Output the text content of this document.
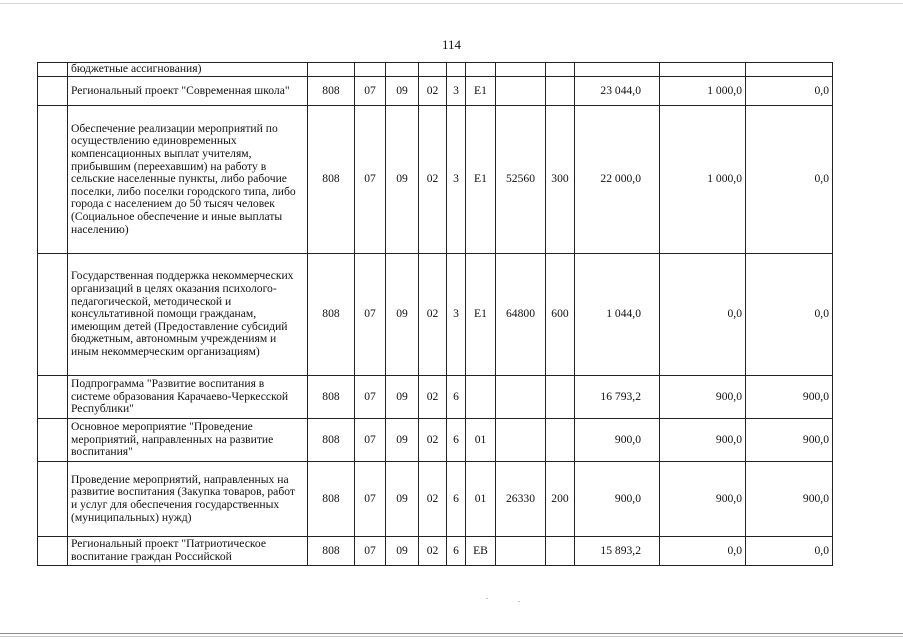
114
	бюджетные ассигнования)											
	Региональный проект "Современная школа"	808	07	09	02	3	E1			23 044,0	1 000,0	0,0
	Обеспечение реализации мероприятий по осуществлению единовременных компенсационных выплат учителям, прибывшим (переехавшим) на работу в сельские населенные пункты, либо рабочие поселки, либо поселки городского типа, либо города с населением до 50 тысяч человек (Социальное обеспечение и иные выплаты населению)	808	07	09	02	3	E1	52560	300	22 000,0	1 000,0	0,0
	Государственная поддержка некоммерческих организаций в целях оказания психолого-педагогической, методической и консультативной помощи гражданам, имеющим детей (Предоставление субсидий бюджетным, автономным учреждениям и иным некоммерческим организациям)	808	07	09	02	3	E1	64800	600	1 044,0	0,0	0,0
	Подпрограмма "Развитие воспитания в системе образования Карачаево-Черкесской Республики"	808	07	09	02	6				16 793,2	900,0	900,0
	Основное мероприятие "Проведение мероприятий, направленных на развитие воспитания"	808	07	09	02	6	01			900,0	900,0	900,0
	Проведение мероприятий, направленных на развитие воспитания (Закупка товаров, работ и услуг для обеспечения государственных (муниципальных) нужд)	808	07	09	02	6	01	26330	200	900,0	900,0	900,0
	Региональный проект "Патриотическое воспитание граждан Российской	808	07	09	02	6	EB			15 893,2	0,0	0,0
